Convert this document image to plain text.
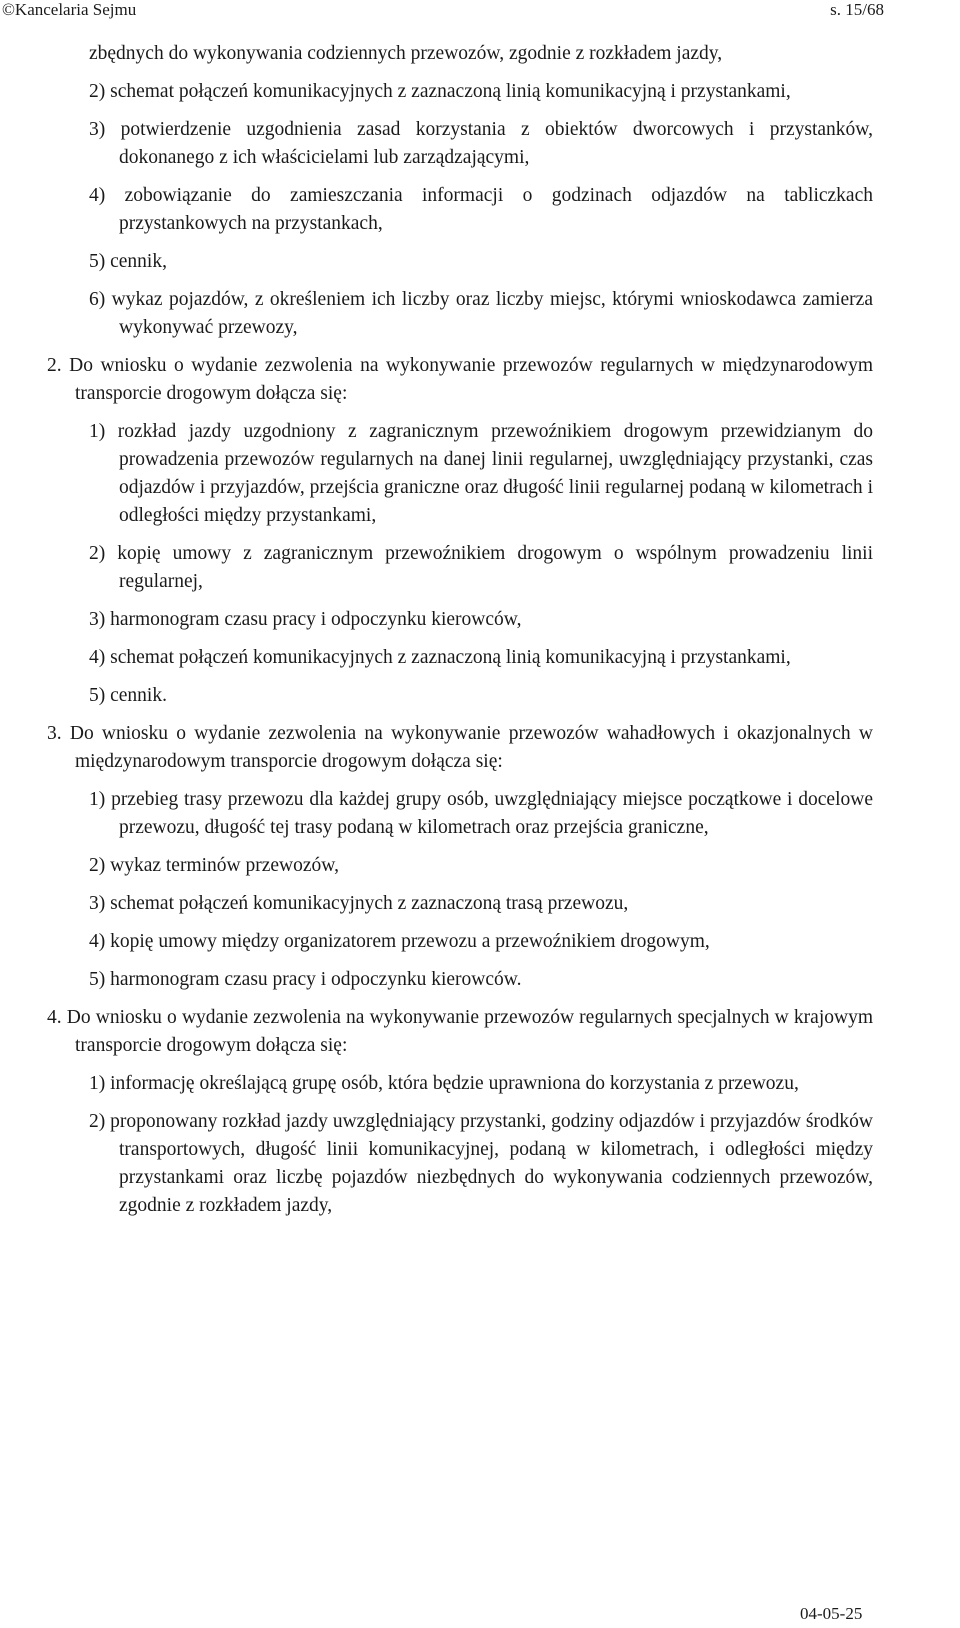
©Kancelaria Sejmu	s. 15/68

zbędnych do wykonywania codziennych przewozów, zgodnie z rozkładem jazdy,

2) schemat połączeń komunikacyjnych z zaznaczoną linią komunikacyjną i przystankami,

3) potwierdzenie uzgodnienia zasad korzystania z obiektów dworcowych i przystanków, dokonanego z ich właścicielami lub zarządzającymi,

4) zobowiązanie do zamieszczania informacji o godzinach odjazdów na tabliczkach przystankowych na przystankach,

5) cennik,

6) wykaz pojazdów, z określeniem ich liczby oraz liczby miejsc, którymi wnioskodawca zamierza wykonywać przewozy,

2. Do wniosku o wydanie zezwolenia na wykonywanie przewozów regularnych w międzynarodowym transporcie drogowym dołącza się:

1) rozkład jazdy uzgodniony z zagranicznym przewoźnikiem drogowym przewidzianym do prowadzenia przewozów regularnych na danej linii regularnej, uwzględniający przystanki, czas odjazdów i przyjazdów, przejścia graniczne oraz długość linii regularnej podaną w kilometrach i odległości między przystankami,

2) kopię umowy z zagranicznym przewoźnikiem drogowym o wspólnym prowadzeniu linii regularnej,

3) harmonogram czasu pracy i odpoczynku kierowców,

4) schemat połączeń komunikacyjnych z zaznaczoną linią komunikacyjną i przystankami,

5) cennik.

3. Do wniosku o wydanie zezwolenia na wykonywanie przewozów wahadłowych i okazjonalnych w międzynarodowym transporcie drogowym dołącza się:

1) przebieg trasy przewozu dla każdej grupy osób, uwzględniający miejsce początkowe i docelowe przewozu, długość tej trasy podaną w kilometrach oraz przejścia graniczne,

2) wykaz terminów przewozów,

3) schemat połączeń komunikacyjnych z zaznaczoną trasą przewozu,

4) kopię umowy między organizatorem przewozu a przewoźnikiem drogowym,

5) harmonogram czasu pracy i odpoczynku kierowców.

4. Do wniosku o wydanie zezwolenia na wykonywanie przewozów regularnych specjalnych w krajowym transporcie drogowym dołącza się:

1) informację określającą grupę osób, która będzie uprawniona do korzystania z przewozu,

2) proponowany rozkład jazdy uwzględniający przystanki, godziny odjazdów i przyjazdów środków transportowych, długość linii komunikacyjnej, podaną w kilometrach, i odległości między przystankami oraz liczbę pojazdów niezbędnych do wykonywania codziennych przewozów, zgodnie z rozkładem jazdy,

04-05-25
